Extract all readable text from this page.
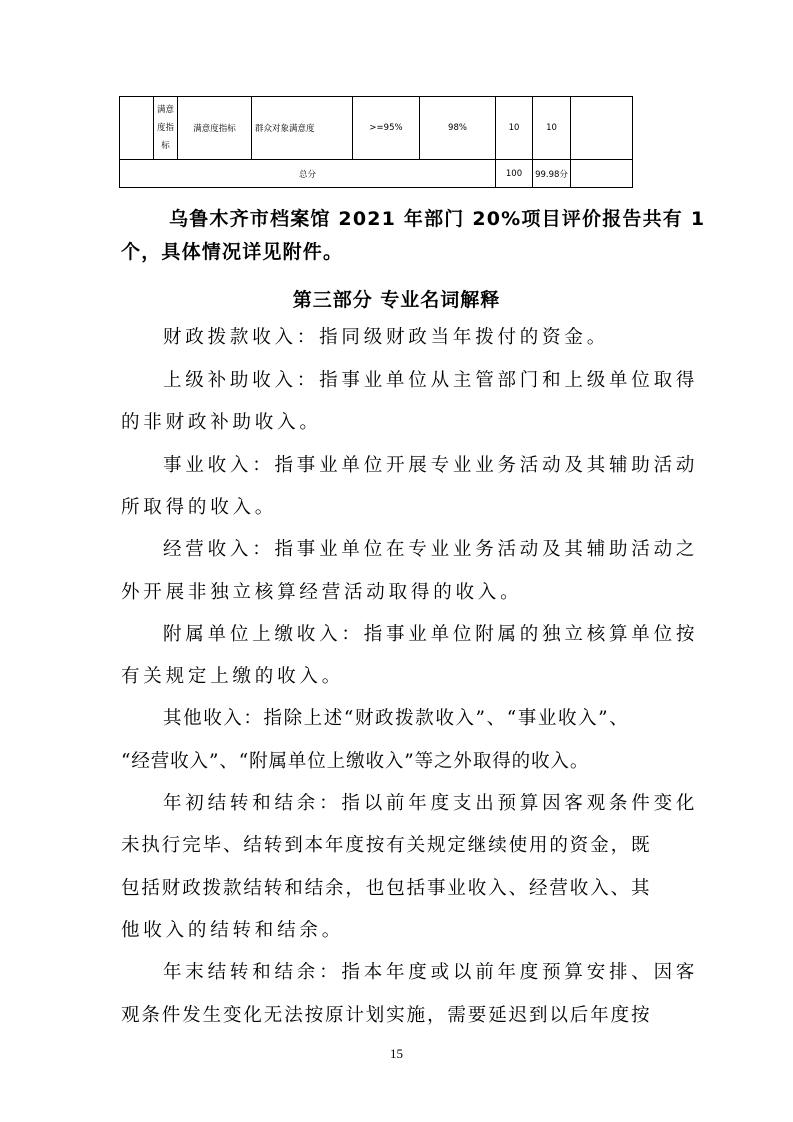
	满意
度指
标	满意度指标	群众对象满意度	>=95%	98%	10	10	
总分						100	99.98分	

乌鲁木齐市档案馆 2021 年部门 20%项目评价报告共有 1

个，具体情况详见附件。

第三部分 专业名词解释

财政拨款收入：指同级财政当年拨付的资金。

上级补助收入：指事业单位从主管部门和上级单位取得

的非财政补助收入。

事业收入：指事业单位开展专业业务活动及其辅助活动

所取得的收入。

经营收入：指事业单位在专业业务活动及其辅助活动之

外开展非独立核算经营活动取得的收入。

附属单位上缴收入：指事业单位附属的独立核算单位按

有关规定上缴的收入。

其他收入：指除上述“财政拨款收入”、“事业收入”、

“经营收入”、“附属单位上缴收入”等之外取得的收入。

年初结转和结余：指以前年度支出预算因客观条件变化

未执行完毕、结转到本年度按有关规定继续使用的资金，既

包括财政拨款结转和结余，也包括事业收入、经营收入、其

他收入的结转和结余。

年末结转和结余：指本年度或以前年度预算安排、因客

观条件发生变化无法按原计划实施，需要延迟到以后年度按

15
